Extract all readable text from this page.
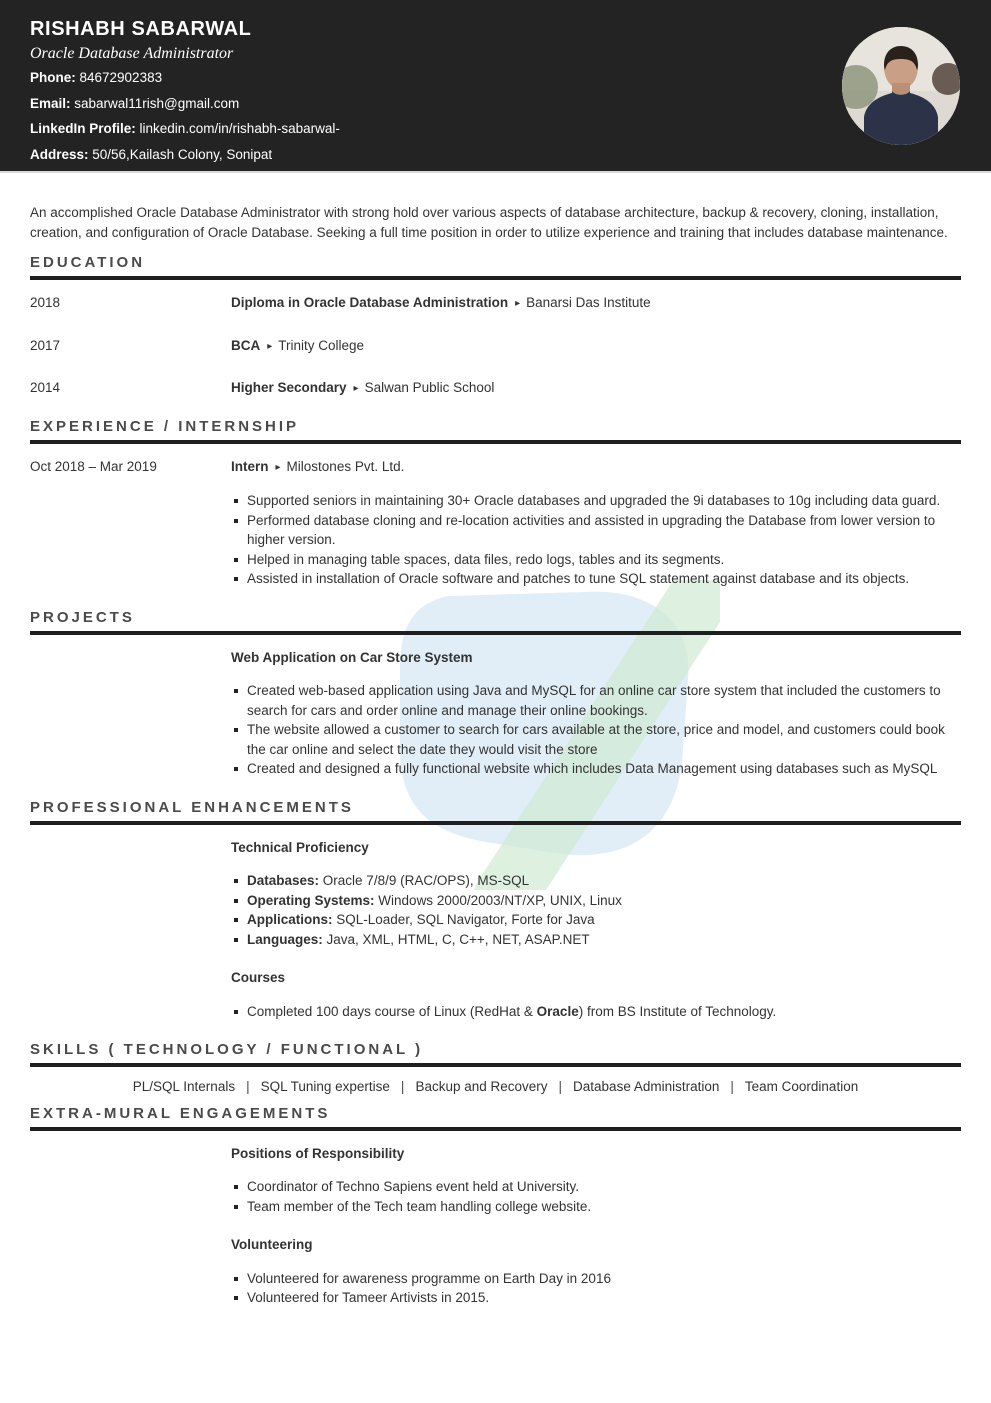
RISHABH SABARWAL
Oracle Database Administrator
Phone: 84672902383
Email: sabarwal11rish@gmail.com
LinkedIn Profile: linkedin.com/in/rishabh-sabarwal-
Address: 50/56,Kailash Colony, Sonipat

An accomplished Oracle Database Administrator with strong hold over various aspects of database architecture, backup & recovery, cloning, installation, creation, and configuration of Oracle Database. Seeking a full time position in order to utilize experience and training that includes database maintenance.

EDUCATION
2018	Diploma in Oracle Database Administration ▸ Banarsi Das Institute
2017	BCA ▸ Trinity College
2014	Higher Secondary ▸ Salwan Public School
EXPERIENCE / INTERNSHIP
Oct 2018 – Mar 2019	Intern ▸ Milostones Pvt. Ltd.
Supported seniors in maintaining 30+ Oracle databases and upgraded the 9i databases to 10g including data guard.
Performed database cloning and re-location activities and assisted in upgrading the Database from lower version to higher version.
Helped in managing table spaces, data files, redo logs, tables and its segments.
Assisted in installation of Oracle software and patches to tune SQL statement against database and its objects.
PROJECTS
Web Application on Car Store System
Created web-based application using Java and MySQL for an online car store system that included the customers to search for cars and order online and manage their online bookings.
The website allowed a customer to search for cars available at the store, price and model, and customers could book the car online and select the date they would visit the store
Created and designed a fully functional website which includes Data Management using databases such as MySQL
PROFESSIONAL ENHANCEMENTS
Technical Proficiency
Databases: Oracle 7/8/9 (RAC/OPS), MS-SQL
Operating Systems: Windows 2000/2003/NT/XP, UNIX, Linux
Applications: SQL-Loader, SQL Navigator, Forte for Java
Languages: Java, XML, HTML, C, C++, NET, ASAP.NET
Courses
Completed 100 days course of Linux (RedHat & Oracle) from BS Institute of Technology.
SKILLS ( TECHNOLOGY / FUNCTIONAL )
PL/SQL Internals | SQL Tuning expertise | Backup and Recovery | Database Administration | Team Coordination
EXTRA-MURAL ENGAGEMENTS
Positions of Responsibility
Coordinator of Techno Sapiens event held at University.
Team member of the Tech team handling college website.
Volunteering
Volunteered for awareness programme on Earth Day in 2016
Volunteered for Tameer Artivists in 2015.
